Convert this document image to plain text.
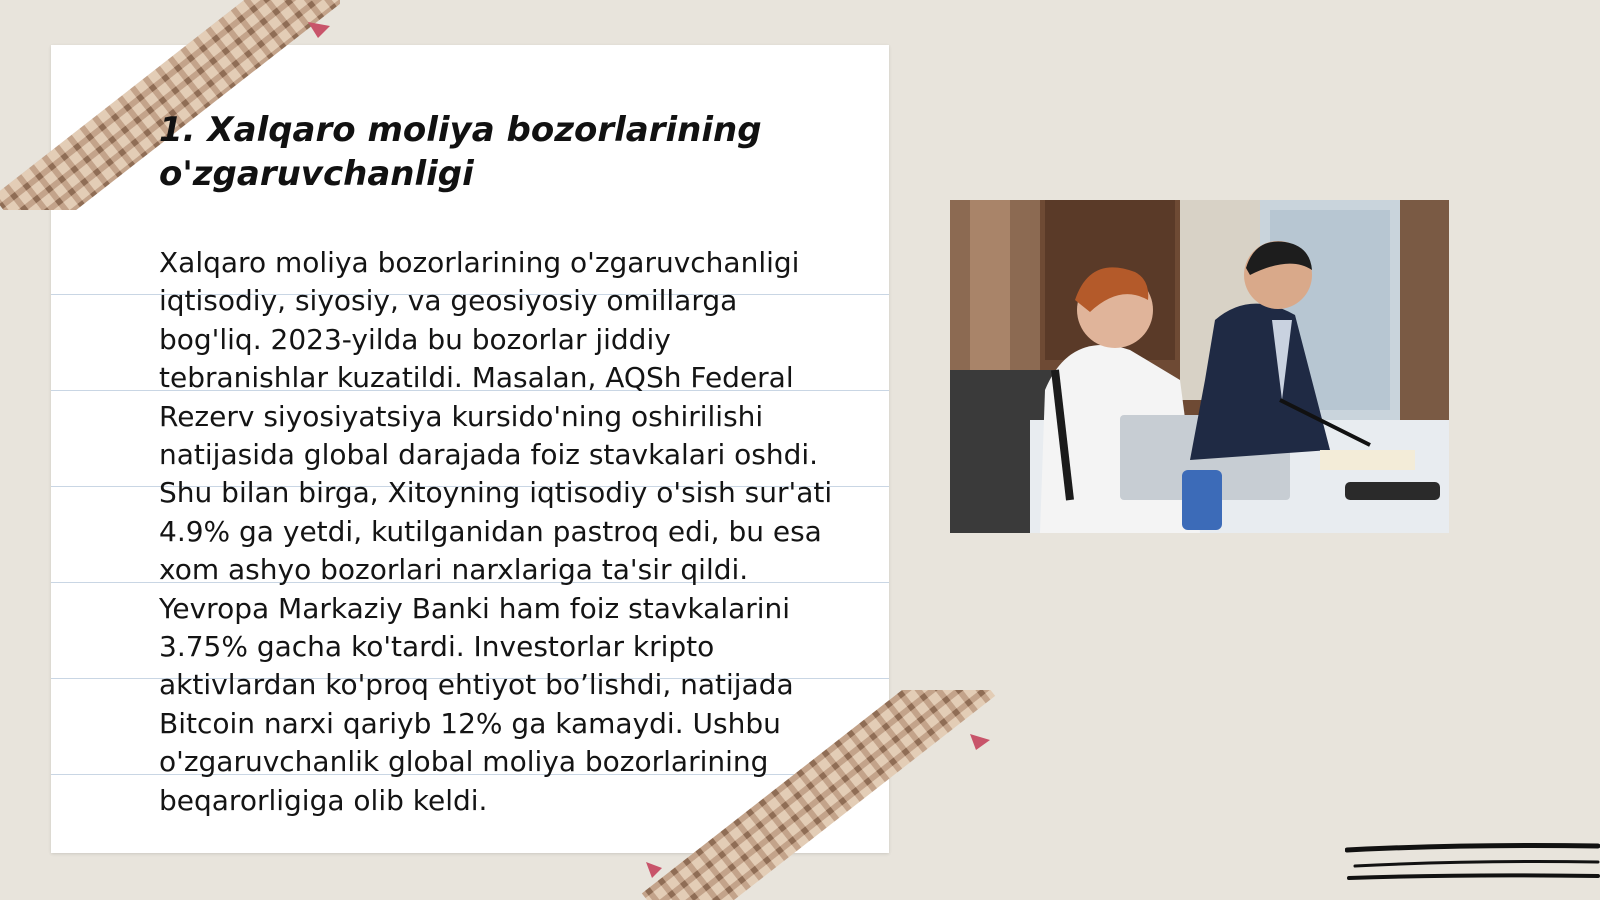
1. Xalqaro moliya bozorlarining o'zgaruvchanligi

Xalqaro moliya bozorlarining o'zgaruvchanligi iqtisodiy, siyosiy, va geosiyosiy omillarga bog'liq. 2023-yilda bu bozorlar jiddiy tebranishlar kuzatildi. Masalan, AQSh Federal Rezerv siyosiyatsiya kursido'ning oshirilishi natijasida global darajada foiz stavkalari oshdi. Shu bilan birga, Xitoyning iqtisodiy o'sish sur'ati 4.9% ga yetdi, kutilganidan pastroq edi, bu esa xom ashyo bozorlari narxlariga ta'sir qildi. Yevropa Markaziy Banki ham foiz stavkalarini 3.75% gacha ko'tardi. Investorlar kripto aktivlardan ko'proq ehtiyot bo’lishdi, natijada Bitcoin narxi qariyb 12% ga kamaydi. Ushbu o'zgaruvchanlik global moliya bozorlarining beqarorligiga olib keldi.
